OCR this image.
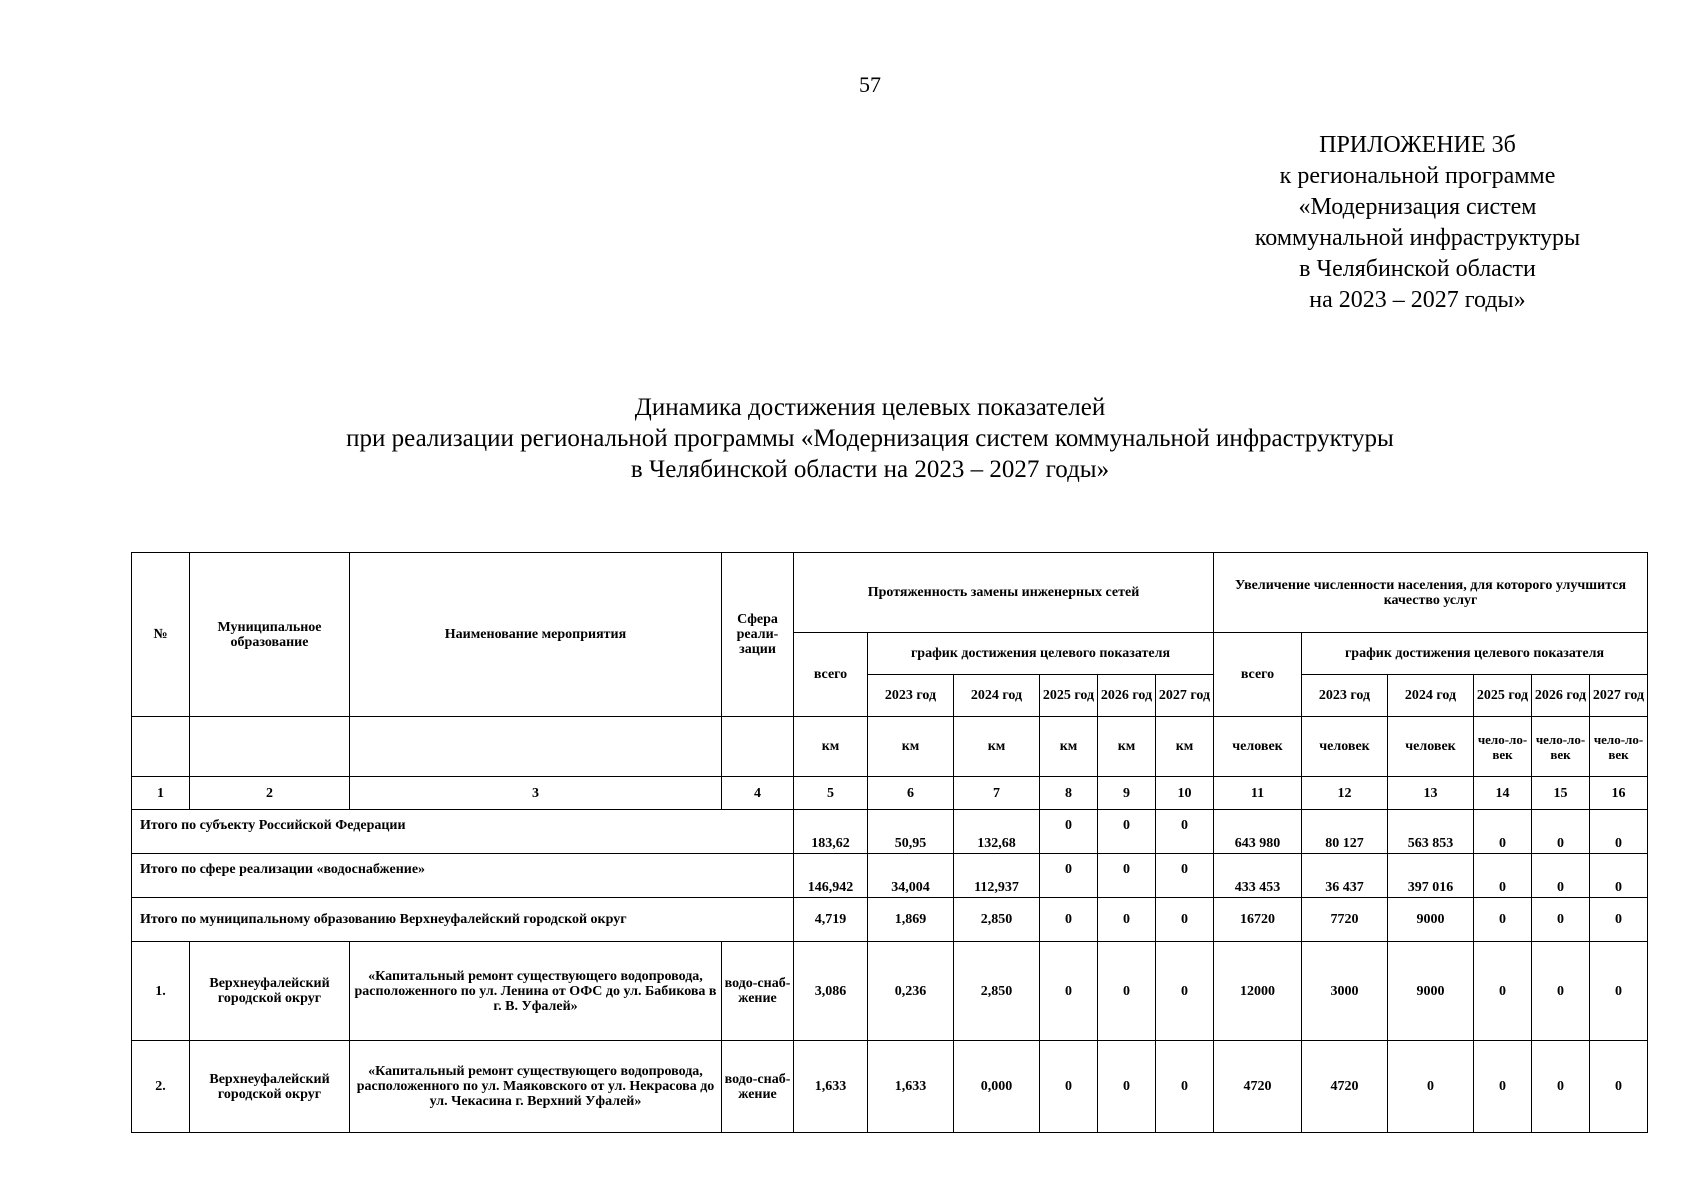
57
ПРИЛОЖЕНИЕ 3б
к региональной программе
«Модернизация систем
коммунальной инфраструктуры
в Челябинской области
на 2023 – 2027 годы»
Динамика достижения целевых показателей
при реализации региональной программы «Модернизация систем коммунальной инфраструктуры
в Челябинской области на 2023 – 2027 годы»
№	Муниципальное образование	Наименование мероприятия	Сфера реали-зации	Протяженность замены инженерных сетей						Увеличение численности населения, для которого улучшится качество услуг					
				всего	график достижения целевого показателя					всего	график достижения целевого показателя				
					2023 год	2024 год	2025 год	2026 год	2027 год		2023 год	2024 год	2025 год	2026 год	2027 год
				км	км	км	км	км	км	человек	человек	человек	чело-ло-век	чело-ло-век	чело-ло-век
1	2	3	4	5	6	7	8	9	10	11	12	13	14	15	16
Итого по субъекту Российской Федерации				183,62	50,95	132,68	0	0	0	643 980	80 127	563 853	0	0	0
Итого по сфере реализации «водоснабжение»				146,942	34,004	112,937	0	0	0	433 453	36 437	397 016	0	0	0
Итого по муниципальному образованию Верхнеуфалейский городской округ				4,719	1,869	2,850	0	0	0	16720	7720	9000	0	0	0
1.	Верхнеуфалейский городской округ	«Капитальный ремонт существующего водопровода, расположенного по ул. Ленина от ОФС до ул. Бабикова в г. В. Уфалей»	водо-снаб-жение	3,086	0,236	2,850	0	0	0	12000	3000	9000	0	0	0
2.	Верхнеуфалейский городской округ	«Капитальный ремонт существующего водопровода, расположенного по ул. Маяковского от ул. Некрасова до ул. Чекасина г. Верхний Уфалей»	водо-снаб-жение	1,633	1,633	0,000	0	0	0	4720	4720	0	0	0	0
